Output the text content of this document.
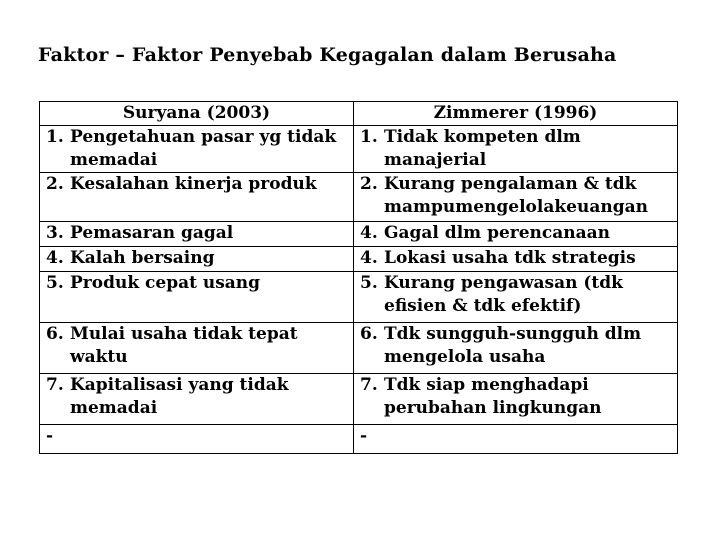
Faktor – Faktor Penyebab Kegagalan dalam Berusaha
Suryana (2003)	Zimmerer (1996)

1. Pengetahuan pasar yg tidak memadai	1. Tidak kompeten dlm manajerial

2. Kesalahan kinerja produk	2. Kurang pengalaman & tdk mampumengelolakeuangan

3. Pemasaran gagal	4. Gagal dlm perencanaan

4. Kalah bersaing	4. Lokasi usaha tdk strategis

5. Produk cepat usang	5. Kurang pengawasan (tdk efisien & tdk efektif)

6. Mulai usaha tidak tepat waktu	6. Tdk sungguh-sungguh dlm mengelola usaha

7. Kapitalisasi yang tidak memadai	7. Tdk siap menghadapi perubahan lingkungan

-	-
